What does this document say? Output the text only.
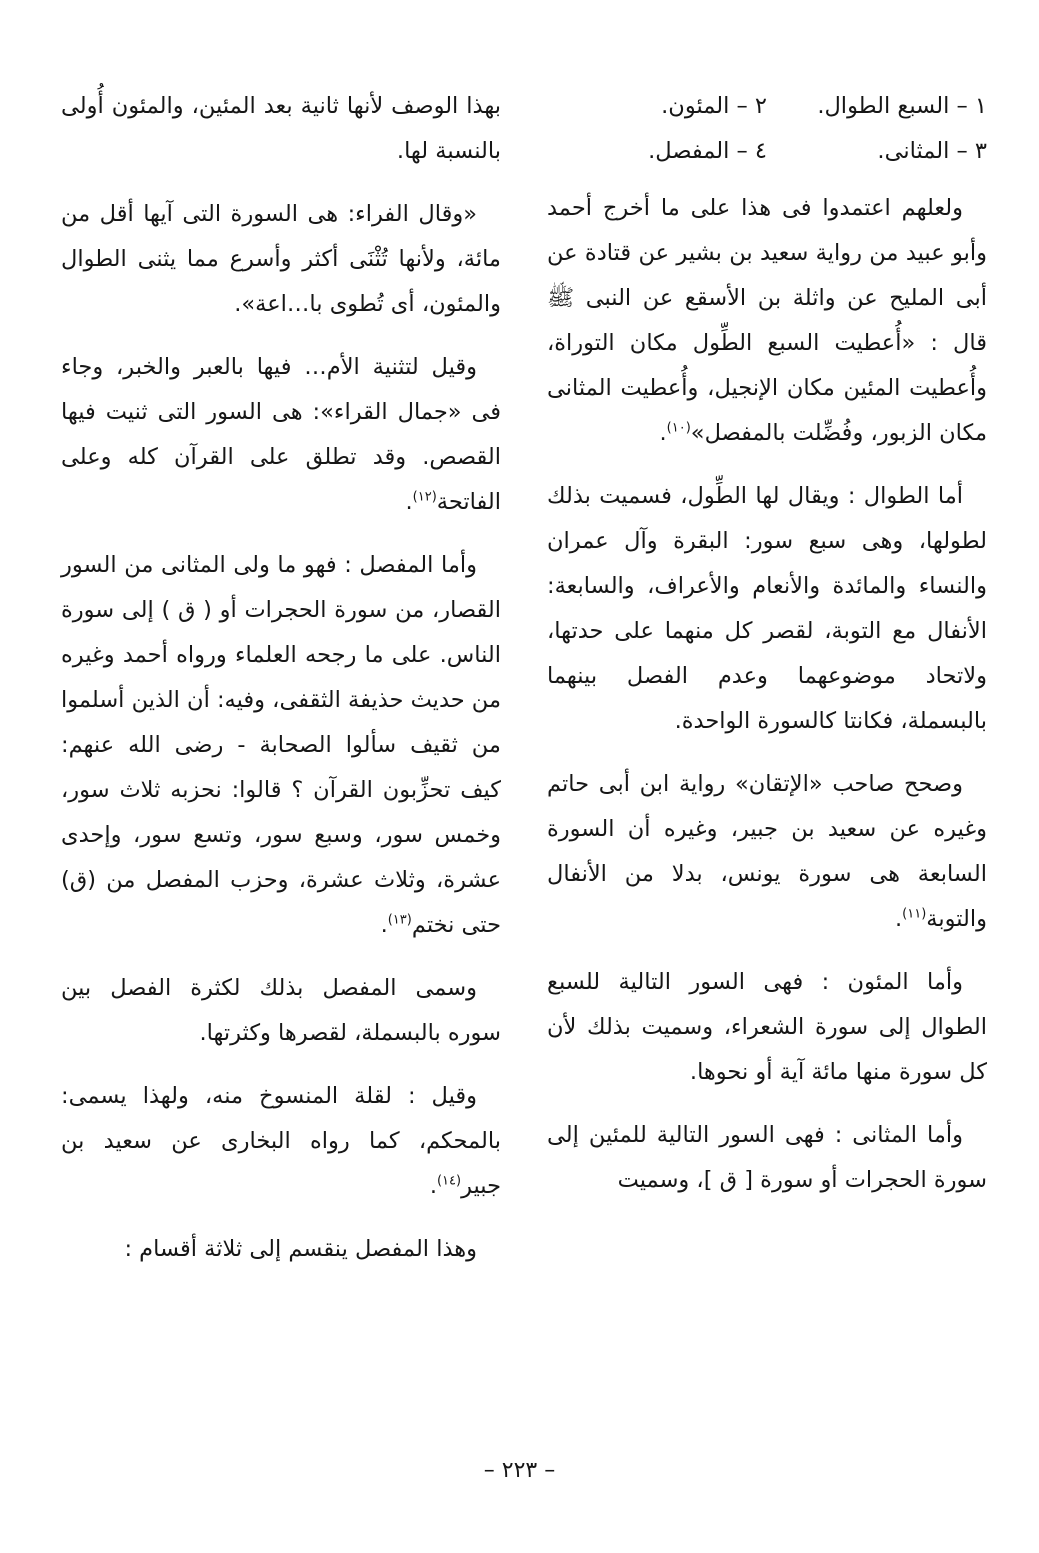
١ – السبع الطوال.
٢ – المئون.
٣ – المثانى.
٤ – المفصل.

ولعلهم اعتمدوا فى هذا على ما أخرج أحمد وأبو عبيد من رواية سعيد بن بشير عن قتادة عن أبى المليح عن واثلة بن الأسقع عن النبى ﷺ قال : «أُعطيت السبع الطِّول مكان التوراة، وأُعطيت المئين مكان الإنجيل، وأُعطيت المثانى مكان الزبور، وفُضِّلت بالمفصل»$^{(١٠)}$.

أما الطوال : ويقال لها الطِّول، فسميت بذلك لطولها، وهى سبع سور: البقرة وآل عمران والنساء والمائدة والأنعام والأعراف، والسابعة: الأنفال مع التوبة، لقصر كل منهما على حدتها، ولاتحاد موضوعهما وعدم الفصل بينهما بالبسملة، فكانتا كالسورة الواحدة.

وصحح صاحب «الإتقان» رواية ابن أبى حاتم وغيره عن سعيد بن جبير، وغيره أن السورة السابعة هى سورة يونس، بدلا من الأنفال والتوبة$^{(١١)}$.

وأما المئون : فهى السور التالية للسبع الطوال إلى سورة الشعراء، وسميت بذلك لأن كل سورة منها مائة آية أو نحوها.

وأما المثانى : فهى السور التالية للمئين إلى سورة الحجرات أو سورة [ ق ]، وسميت

بهذا الوصف لأنها ثانية بعد المئين، والمئون أُولى بالنسبة لها.

«وقال الفراء: هى السورة التى آيها أقل من مائة، ولأنها تُثْنَى أكثر وأسرع مما يثنى الطوال والمئون، أى تُطوى با…اعة».

وقيل لتثنية الأم… فيها بالعبر والخبر، وجاء فى «جمال القراء»: هى السور التى ثنيت فيها القصص. وقد تطلق على القرآن كله وعلى الفاتحة$^{(١٢)}$.

وأما المفصل : فهو ما ولى المثانى من السور القصار، من سورة الحجرات أو ( ق ) إلى سورة الناس. على ما رجحه العلماء ورواه أحمد وغيره من حديث حذيفة الثقفى، وفيه: أن الذين أسلموا من ثقيف سألوا الصحابة - رضى الله عنهم: كيف تحزِّبون القرآن ؟ قالوا: نحزبه ثلاث سور، وخمس سور، وسبع سور، وتسع سور، وإحدى عشرة، وثلاث عشرة، وحزب المفصل من (ق) حتى نختم$^{(١٣)}$.

وسمى المفصل بذلك لكثرة الفصل بين سوره بالبسملة، لقصرها وكثرتها.

وقيل : لقلة المنسوخ منه، ولهذا يسمى: بالمحكم، كما رواه البخارى عن سعيد بن جبير$^{(١٤)}$.

وهذا المفصل ينقسم إلى ثلاثة أقسام :

– ٢٢٣ –
